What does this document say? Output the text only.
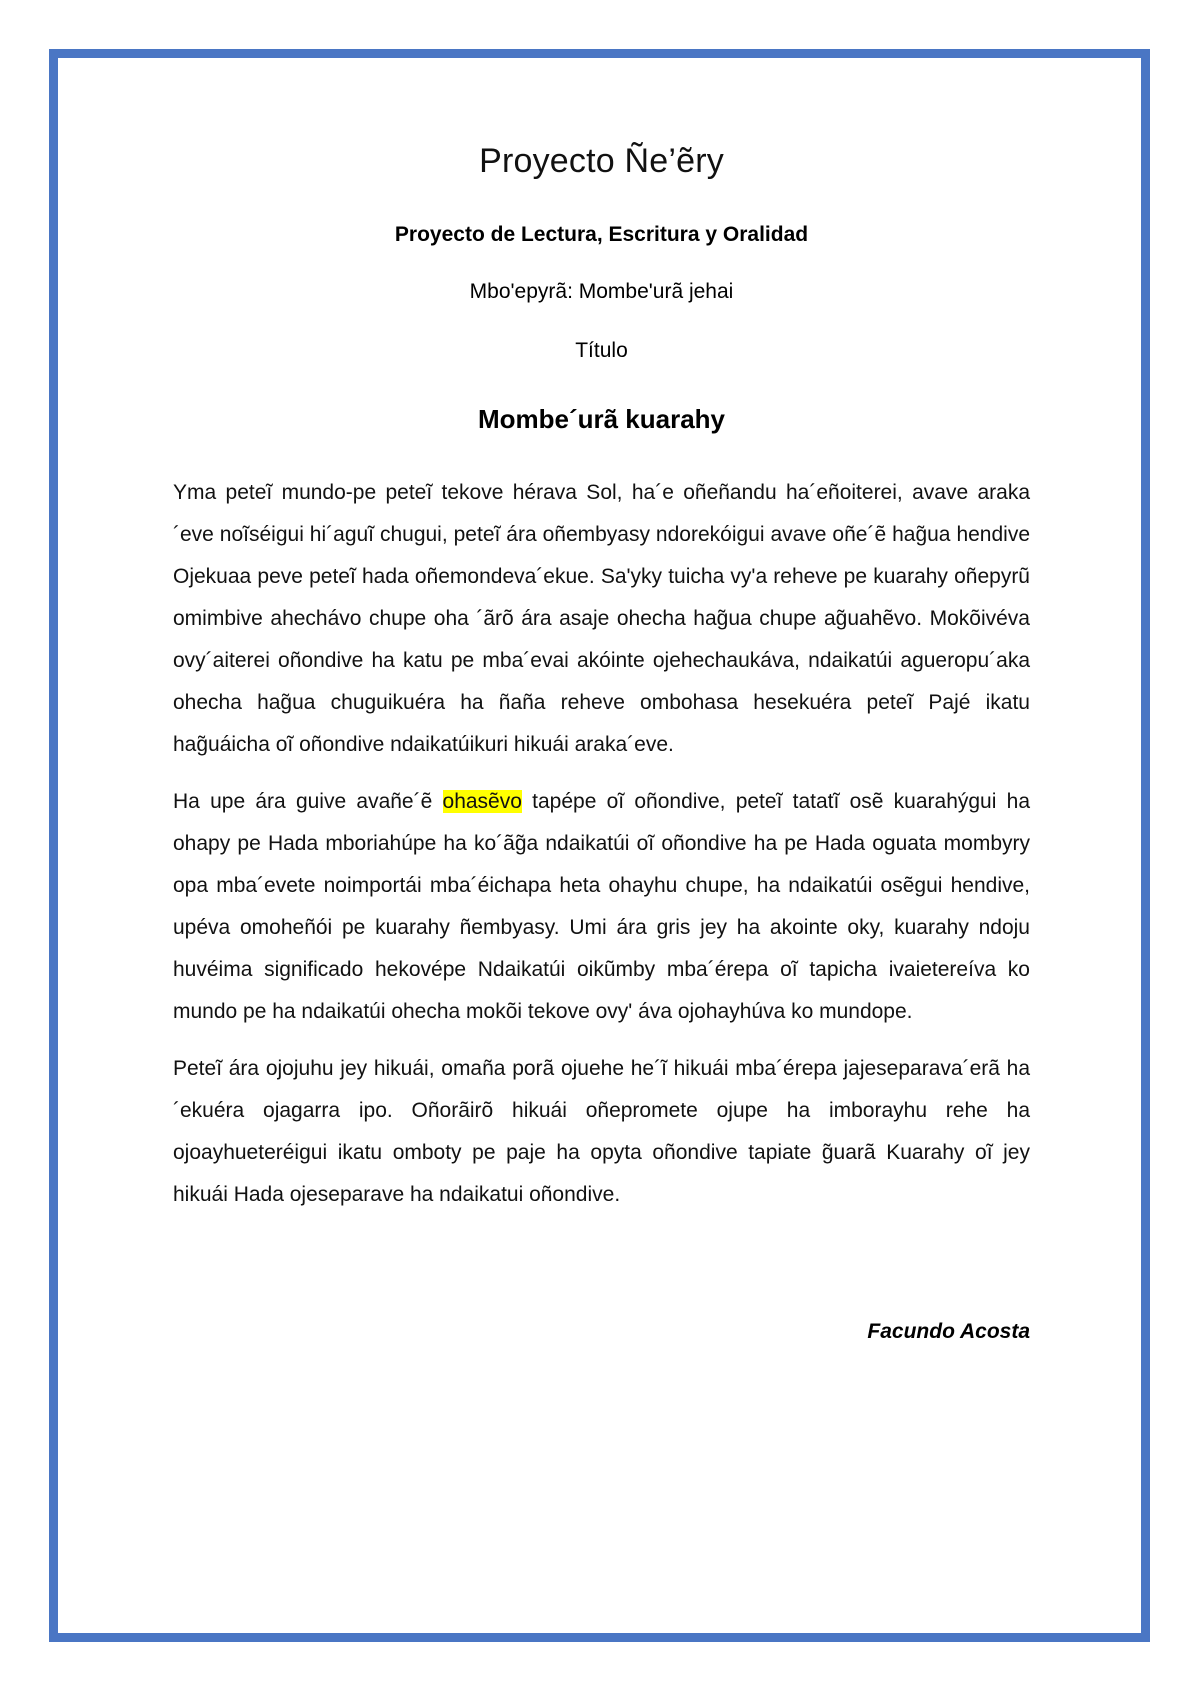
Proyecto Ñe’ẽry

Proyecto de Lectura, Escritura y Oralidad

Mbo'epyrã: Mombe'urã jehai

Título

Mombe´urã kuarahy

Yma peteĩ mundo-pe peteĩ tekove hérava Sol, ha´e oñeñandu ha´eñoiterei, avave araka´eve noĩséigui hi´aguĩ chugui, peteĩ ára oñembyasy ndorekóigui avave oñe´ẽ hag̃ua hendive Ojekuaa peve peteĩ hada oñemondeva´ekue. Sa'yky tuicha vy'a reheve pe kuarahy oñepyrũ omimbive ahechávo chupe oha ´ãrõ ára asaje ohecha hag̃ua chupe ag̃uahẽvo. Mokõivéva ovy´aiterei oñondive ha katu pe mba´evai akóinte ojehechaukáva, ndaikatúi agueropu´aka ohecha hag̃ua chuguikuéra ha ñaña reheve ombohasa hesekuéra peteĩ Pajé ikatu hag̃uáicha oĩ oñondive ndaikatúikuri hikuái araka´eve.

Ha upe ára guive avañe´ẽ ohasẽvo tapépe oĩ oñondive, peteĩ tatatĩ osẽ kuarahýgui ha ohapy pe Hada mboriahúpe ha ko´ãg̃a ndaikatúi oĩ oñondive ha pe Hada oguata mombyry opa mba´evete noimportái mba´éichapa heta ohayhu chupe, ha ndaikatúi osẽgui hendive, upéva omoheñói pe kuarahy ñembyasy. Umi ára gris jey ha akointe oky, kuarahy ndoju huvéima significado hekovépe Ndaikatúi oikũmby mba´érepa oĩ tapicha ivaietereíva ko mundo pe ha ndaikatúi ohecha mokõi tekove ovy' áva ojohayhúva ko mundope.

Peteĩ ára ojojuhu jey hikuái, omaña porã ojuehe he´ĩ hikuái mba´érepa jajeseparava´erã ha´ekuéra ojagarra ipo. Oñorãirõ hikuái oñepromete ojupe ha imborayhu rehe ha ojoayhueteréigui ikatu omboty pe paje ha opyta oñondive tapiate g̃uarã Kuarahy oĩ jey hikuái Hada ojeseparave ha ndaikatui oñondive.

Facundo Acosta
